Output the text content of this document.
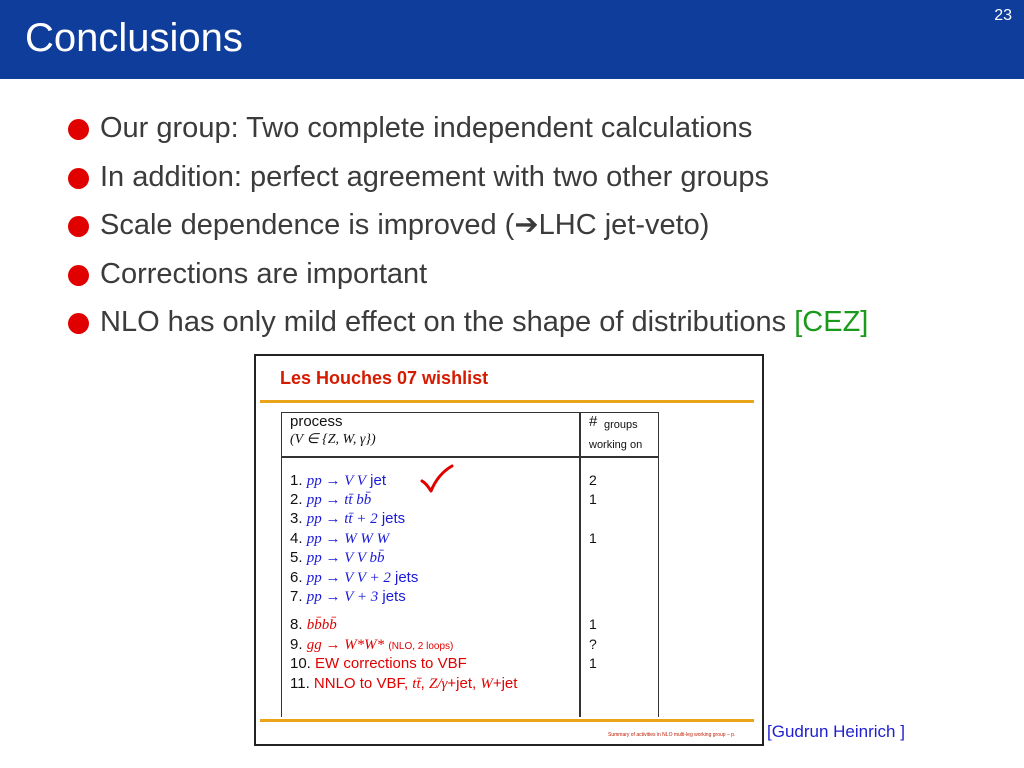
Conclusions
23
Our group: Two complete independent calculations
In addition: perfect agreement with two other groups
Scale dependence is improved (➔LHC jet-veto)
Corrections are important
NLO has only mild effect on the shape of distributions [CEZ]
Les Houches 07 wishlist
process
(V ∈ {Z, W, γ})
# groups
working on
1. pp → V V jet	2
2. pp → tt̄ bb̄	1
3. pp → tt̄ + 2 jets
4. pp → W W W	1
5. pp → V V bb̄
6. pp → V V + 2 jets
7. pp → V + 3 jets
8. bb̄bb̄	1
9. gg → W*W* (NLO, 2 loops)	?
10. EW corrections to VBF	1
11. NNLO to VBF, tt̄, Z/γ+jet, W+jet
Summary of activities in NLO multi-leg working group – p. [Gudrun Heinrich ]
